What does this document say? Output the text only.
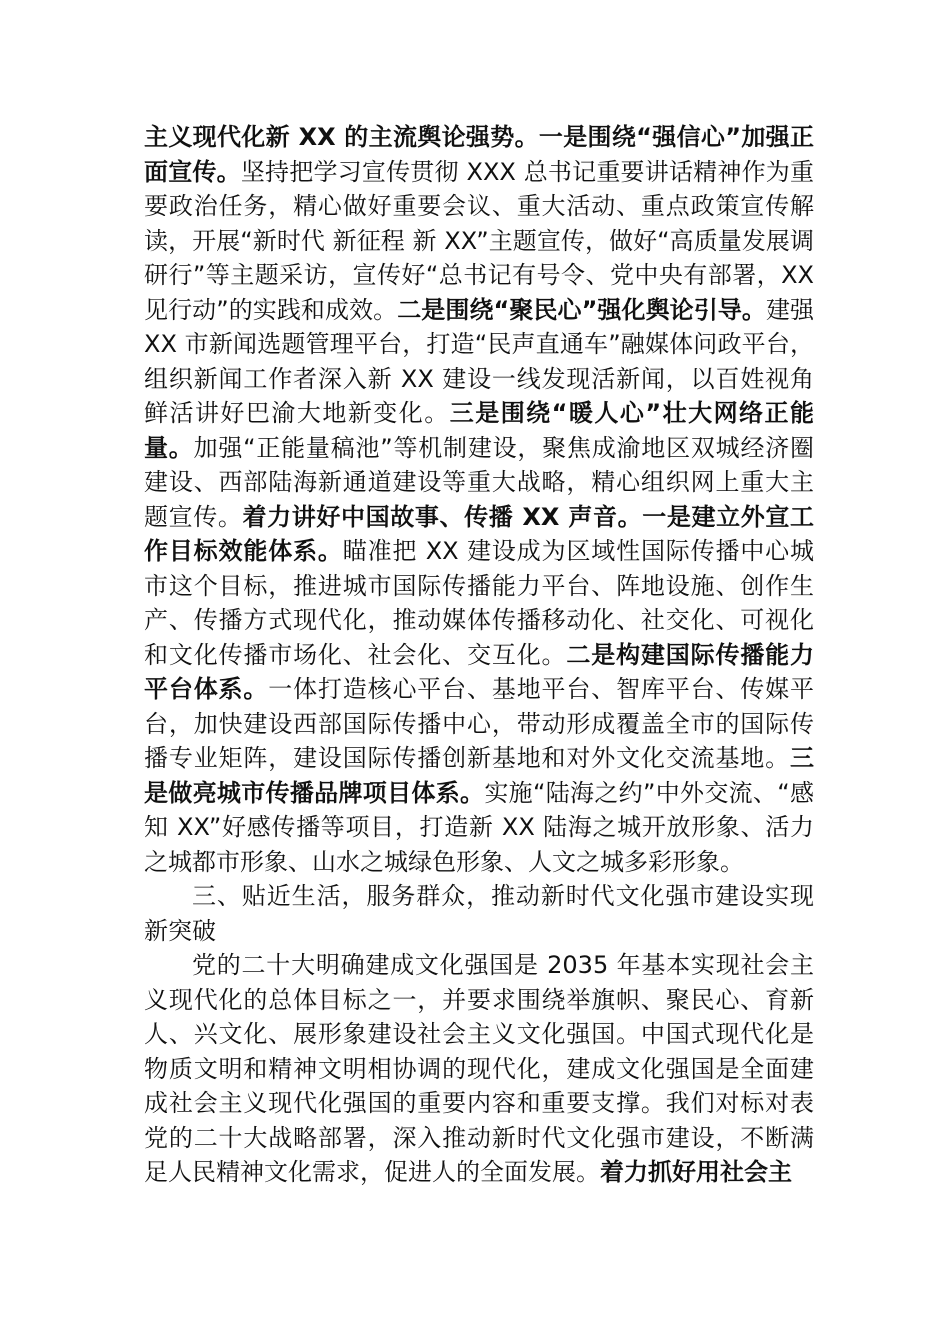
主义现代化新 XX 的主流舆论强势。一是围绕“强信心”加强正面宣传。坚持把学习宣传贯彻 XXX 总书记重要讲话精神作为重要政治任务，精心做好重要会议、重大活动、重点政策宣传解读，开展“新时代 新征程 新 XX”主题宣传，做好“高质量发展调研行”等主题采访，宣传好“总书记有号令、党中央有部署，XX 见行动”的实践和成效。二是围绕“聚民心”强化舆论引导。建强 XX 市新闻选题管理平台，打造“民声直通车”融媒体问政平台，组织新闻工作者深入新 XX 建设一线发现活新闻，以百姓视角鲜活讲好巴渝大地新变化。三是围绕“暖人心”壮大网络正能量。加强“正能量稿池”等机制建设，聚焦成渝地区双城经济圈建设、西部陆海新通道建设等重大战略，精心组织网上重大主题宣传。着力讲好中国故事、传播 XX 声音。一是建立外宣工作目标效能体系。瞄准把 XX 建设成为区域性国际传播中心城市这个目标，推进城市国际传播能力平台、阵地设施、创作生产、传播方式现代化，推动媒体传播移动化、社交化、可视化和文化传播市场化、社会化、交互化。二是构建国际传播能力平台体系。一体打造核心平台、基地平台、智库平台、传媒平台，加快建设西部国际传播中心，带动形成覆盖全市的国际传播专业矩阵，建设国际传播创新基地和对外文化交流基地。三是做亮城市传播品牌项目体系。实施“陆海之约”中外交流、“感知 XX”好感传播等项目，打造新 XX 陆海之城开放形象、活力之城都市形象、山水之城绿色形象、人文之城多彩形象。

三、贴近生活，服务群众，推动新时代文化强市建设实现新突破

党的二十大明确建成文化强国是 2035 年基本实现社会主义现代化的总体目标之一，并要求围绕举旗帜、聚民心、育新人、兴文化、展形象建设社会主义文化强国。中国式现代化是物质文明和精神文明相协调的现代化，建成文化强国是全面建成社会主义现代化强国的重要内容和重要支撑。我们对标对表党的二十大战略部署，深入推动新时代文化强市建设，不断满足人民精神文化需求，促进人的全面发展。着力抓好用社会主
